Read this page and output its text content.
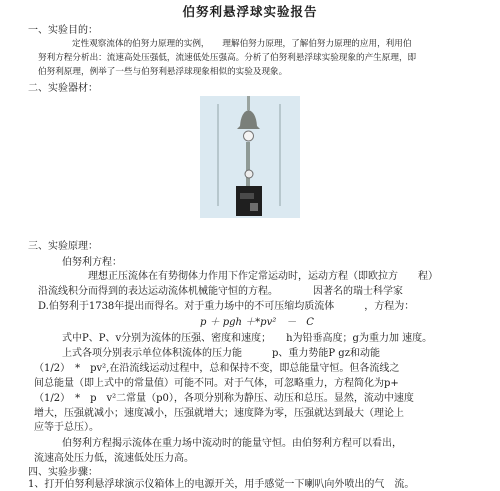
伯努利悬浮球实验报告
一、实验目的：
定性观察流体的伯努力原理的实例，　　理解伯努力原理，了解伯努力原理的应用，利用伯
努利方程分析出：流速高处压强低，流速低处压强高。分析了伯努利悬浮球实验现象的产生原理，即
伯努利原理，例举了一些与伯努利悬浮球现象相似的实验及现象。
二、实验器材：
三、实验原理：
伯努利方程：
理想正压流体在有势彻体力作用下作定常运动时，运动方程（即欧拉方　　程）
沿流线积分而得到的表达运动流体机械能守恒的方程。　　　　因著名的瑞士科学家
D.伯努利于1738年提出而得名。对于重力场中的不可压缩均质流体　　　，方程为：
p ＋ pgh ＋*pv²　－　C
式中P、P、v分别为流体的压强、密度和速度；　　h为铅垂高度；g为重力加 速度。
上式各项分别表示单位体积流体的压力能　　　p、重力势能P gz和动能
（1/2）　*　pv²,在沿流线运动过程中，总和保持不变，即总能量守恒。但各流线之
间总能量（即上式中的常量值）可能不同。对于气体，可忽略重力，方程简化为p+
（1/2）　*　p　v²二常量（p0），各项分别称为静压、动压和总压。显然，流动中速度
增大，压强就减小；速度减小，压强就增大；速度降为零，压强就达到最大（理论上
应等于总压）。
伯努利方程揭示流体在重力场中流动时的能量守恒。由伯努利方程可以看出，
流速高处压力低，流速低处压力高。
四、实验步骤：
1、打开伯努利悬浮球演示仪箱体上的电源开关，用手感觉一下喇叭向外喷出的气　流。
